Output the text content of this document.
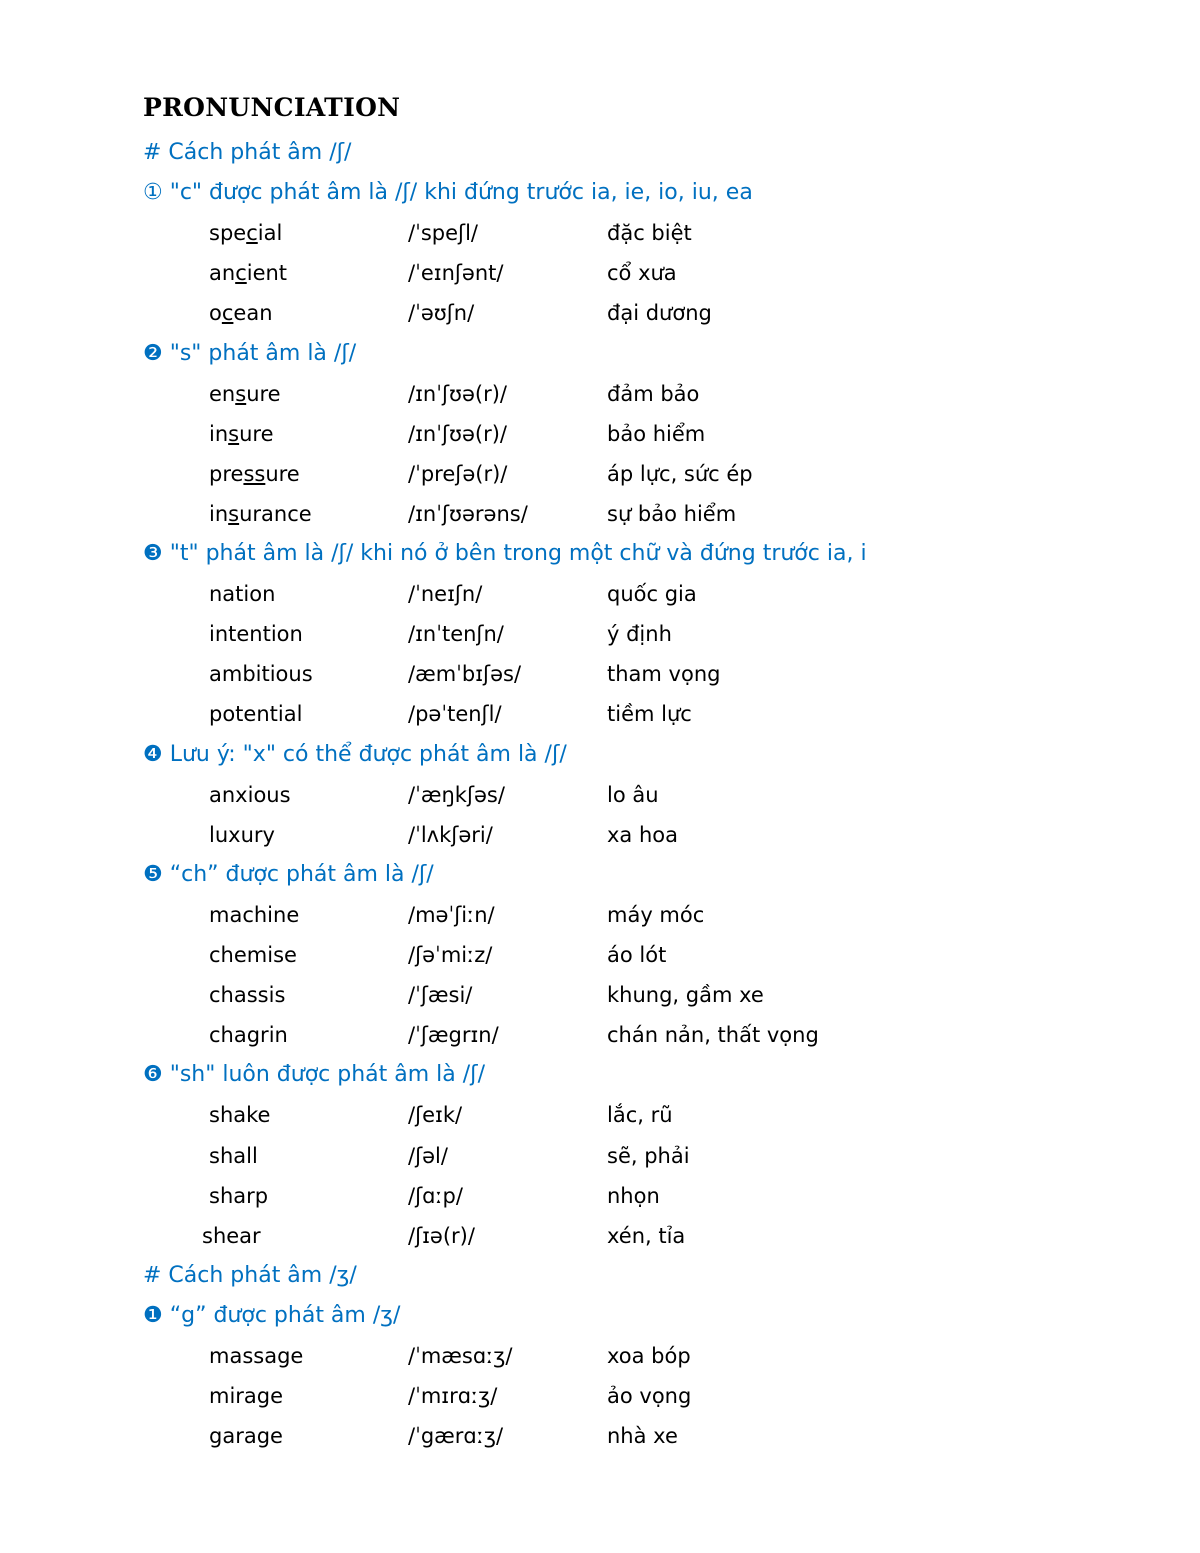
PRONUNCIATION
# Cách phát âm /ʃ/
① "c" được phát âm là /ʃ/ khi đứng trước ia, ie, io, iu, ea
special	/ˈspeʃl/	đặc biệt
ancient	/ˈeɪnʃənt/	cổ xưa
ocean	/ˈəʊʃn/	đại dương
❷ "s" phát âm là /ʃ/
ensure	/ɪnˈʃʊə(r)/	đảm bảo
insure	/ɪnˈʃʊə(r)/	bảo hiểm
pressure	/ˈpreʃə(r)/	áp lực, sức ép
insurance	/ɪnˈʃʊərəns/	sự bảo hiểm
❸ "t" phát âm là /ʃ/ khi nó ở bên trong một chữ và đứng trước ia, i
nation	/ˈneɪʃn/	quốc gia
intention	/ɪnˈtenʃn/	ý định
ambitious	/æmˈbɪʃəs/	tham vọng
potential	/pəˈtenʃl/	tiềm lực
❹ Lưu ý: "x" có thể được phát âm là /ʃ/
anxious	/ˈæŋkʃəs/	lo âu
luxury	/ˈlʌkʃəri/	xa hoa
❺ “ch” được phát âm là /ʃ/
machine	/məˈʃiːn/	máy móc
chemise	/ʃəˈmiːz/	áo lót
chassis	/ˈʃæsi/	khung, gầm xe
chagrin	/ˈʃægrɪn/	chán nản, thất vọng
❻ "sh" luôn được phát âm là /ʃ/
shake	/ʃeɪk/	lắc, rũ
shall	/ʃəl/	sẽ, phải
sharp	/ʃɑːp/	nhọn
shear	/ʃɪə(r)/	xén, tỉa
# Cách phát âm /ʒ/
❶ “g” được phát âm /ʒ/
massage	/ˈmæsɑːʒ/	xoa bóp
mirage	/ˈmɪrɑːʒ/	ảo vọng
garage	/ˈgærɑːʒ/	nhà xe
